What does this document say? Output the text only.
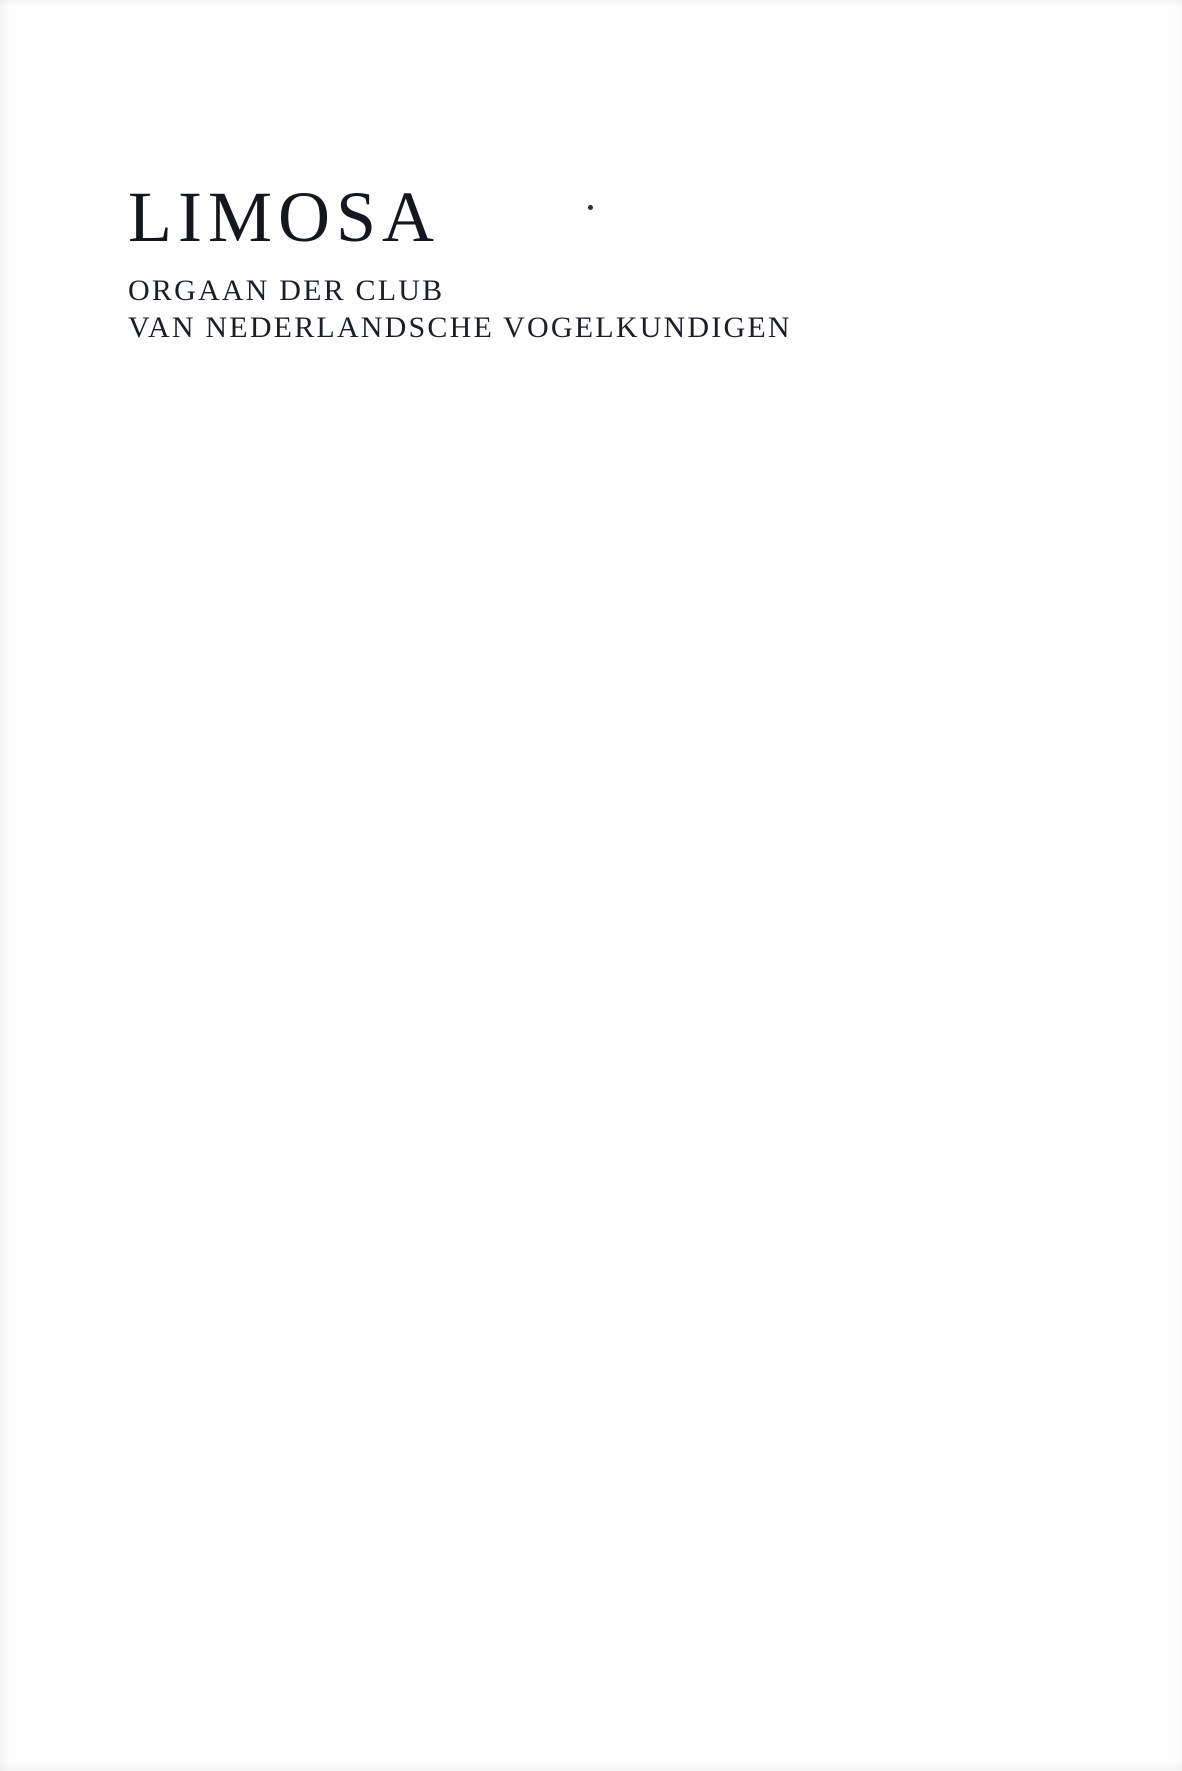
LIMOSA
ORGAAN DER CLUB
VAN NEDERLANDSCHE VOGELKUNDIGEN
